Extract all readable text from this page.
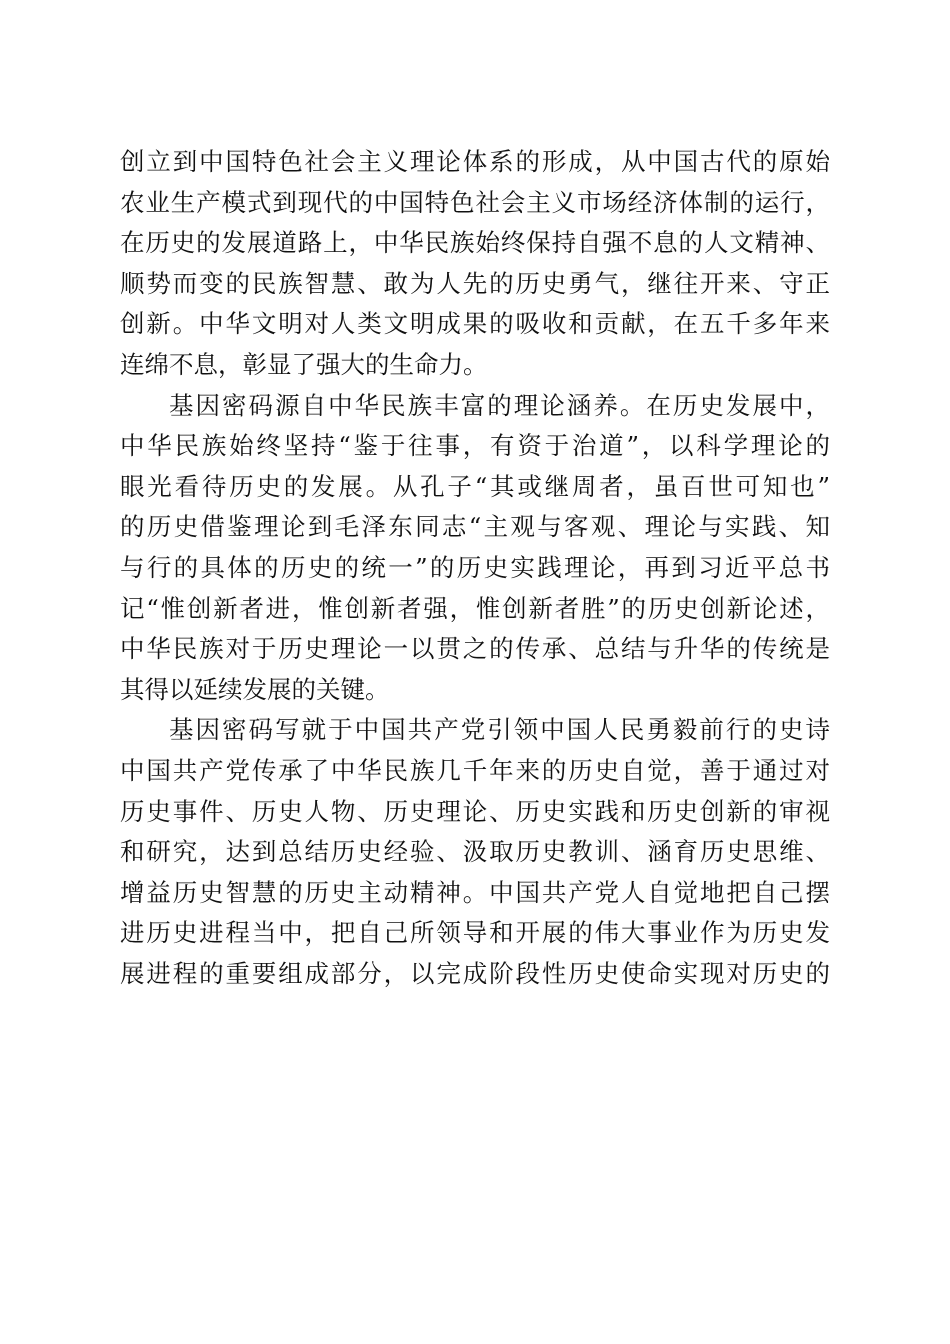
创立到中国特色社会主义理论体系的形成，从中国古代的原始
农业生产模式到现代的中国特色社会主义市场经济体制的运行，
在历史的发展道路上，中华民族始终保持自强不息的人文精神、
顺势而变的民族智慧、敢为人先的历史勇气，继往开来、守正
创新。中华文明对人类文明成果的吸收和贡献，在五千多年来
连绵不息，彰显了强大的生命力。
基因密码源自中华民族丰富的理论涵养。在历史发展中，
中华民族始终坚持“鉴于往事，有资于治道”，以科学理论的
眼光看待历史的发展。从孔子“其或继周者，虽百世可知也”
的历史借鉴理论到毛泽东同志“主观与客观、理论与实践、知
与行的具体的历史的统一”的历史实践理论，再到习近平总书
记“惟创新者进，惟创新者强，惟创新者胜”的历史创新论述，
中华民族对于历史理论一以贯之的传承、总结与升华的传统是
其得以延续发展的关键。
基因密码写就于中国共产党引领中国人民勇毅前行的史诗
中国共产党传承了中华民族几千年来的历史自觉，善于通过对
历史事件、历史人物、历史理论、历史实践和历史创新的审视
和研究，达到总结历史经验、汲取历史教训、涵育历史思维、
增益历史智慧的历史主动精神。中国共产党人自觉地把自己摆
进历史进程当中，把自己所领导和开展的伟大事业作为历史发
展进程的重要组成部分，以完成阶段性历史使命实现对历史的
